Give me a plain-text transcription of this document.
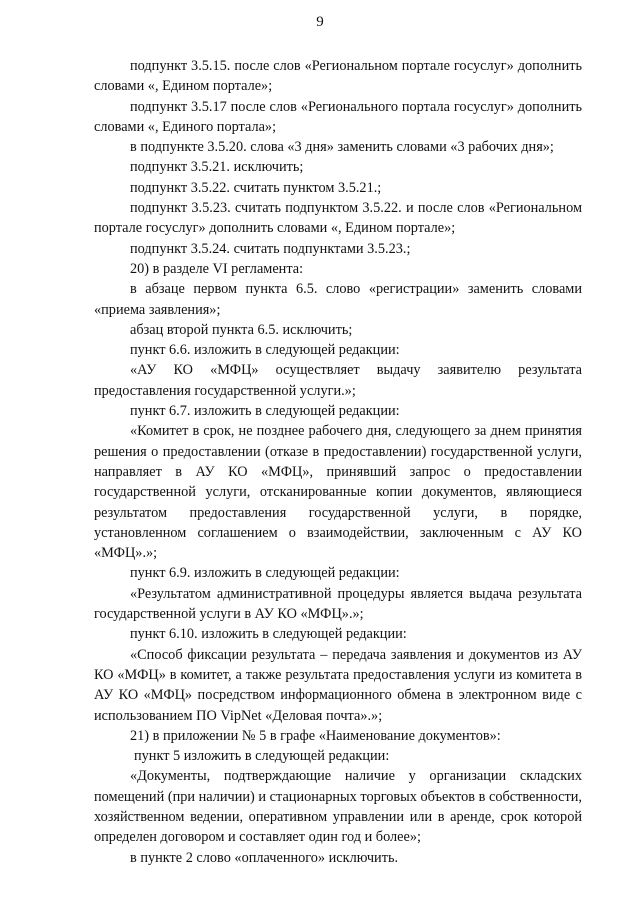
9

подпункт 3.5.15. после слов «Региональном портале госуслуг» дополнить словами «, Едином портале»;

подпункт 3.5.17 после слов «Регионального портала госуслуг» дополнить словами «, Единого портала»;

в подпункте 3.5.20. слова «3 дня» заменить словами «3 рабочих дня»;

подпункт 3.5.21. исключить;

подпункт 3.5.22. считать пунктом 3.5.21.;

подпункт 3.5.23. считать подпунктом 3.5.22. и после слов «Региональном портале госуслуг» дополнить словами «, Едином портале»;

подпункт 3.5.24. считать подпунктами 3.5.23.;

20) в разделе VI регламента:

в абзаце первом пункта 6.5. слово «регистрации» заменить словами «приема заявления»;

абзац второй пункта 6.5. исключить;

пункт 6.6. изложить в следующей редакции:

«АУ КО «МФЦ» осуществляет выдачу заявителю результата предоставления государственной услуги.»;

пункт 6.7. изложить в следующей редакции:

«Комитет в срок, не позднее рабочего дня, следующего за днем принятия решения о предоставлении (отказе в предоставлении) государственной услуги, направляет в АУ КО «МФЦ», принявший запрос о предоставлении государственной услуги, отсканированные копии документов, являющиеся результатом предоставления государственной услуги, в порядке, установленном соглашением о взаимодействии, заключенным с АУ КО «МФЦ».»;

пункт 6.9. изложить в следующей редакции:

«Результатом административной процедуры является выдача результата государственной услуги в АУ КО «МФЦ».»;

пункт 6.10. изложить в следующей редакции:

«Способ фиксации результата – передача заявления и документов из АУ КО «МФЦ» в комитет, а также результата предоставления услуги из комитета в АУ КО «МФЦ» посредством информационного обмена в электронном виде с использованием ПО VipNet «Деловая почта».»;

21) в приложении № 5 в графе «Наименование документов»:

пункт 5 изложить в следующей редакции:

«Документы, подтверждающие наличие у организации складских помещений (при наличии) и стационарных торговых объектов в собственности, хозяйственном ведении, оперативном управлении или в аренде, срок которой определен договором и составляет один год и более»;

в пункте 2 слово «оплаченного» исключить.
